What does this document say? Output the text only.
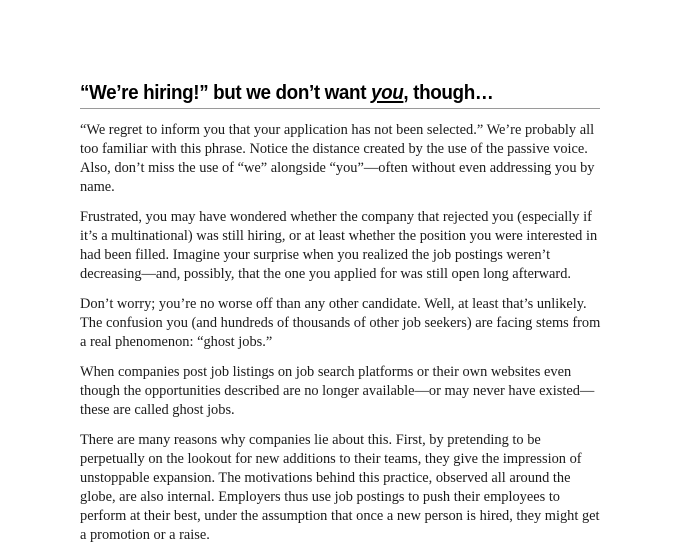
“We’re hiring!” but we don’t want you, though…

“We regret to inform you that your application has not been selected.” We’re probably all too familiar with this phrase. Notice the distance created by the use of the passive voice. Also, don’t miss the use of “we” alongside “you”—often without even addressing you by name.

Frustrated, you may have wondered whether the company that rejected you (especially if it’s a multinational) was still hiring, or at least whether the position you were interested in had been filled. Imagine your surprise when you realized the job postings weren’t decreasing—and, possibly, that the one you applied for was still open long afterward.

Don’t worry; you’re no worse off than any other candidate. Well, at least that’s unlikely. The confusion you (and hundreds of thousands of other job seekers) are facing stems from a real phenomenon: “ghost jobs.”

When companies post job listings on job search platforms or their own websites even though the opportunities described are no longer available—or may never have existed—these are called ghost jobs.

There are many reasons why companies lie about this. First, by pretending to be perpetually on the lookout for new additions to their teams, they give the impression of unstoppable expansion. The motivations behind this practice, observed all around the globe, are also internal. Employers thus use job postings to push their employees to perform at their best, under the assumption that once a new person is hired, they might get a promotion or a raise.
